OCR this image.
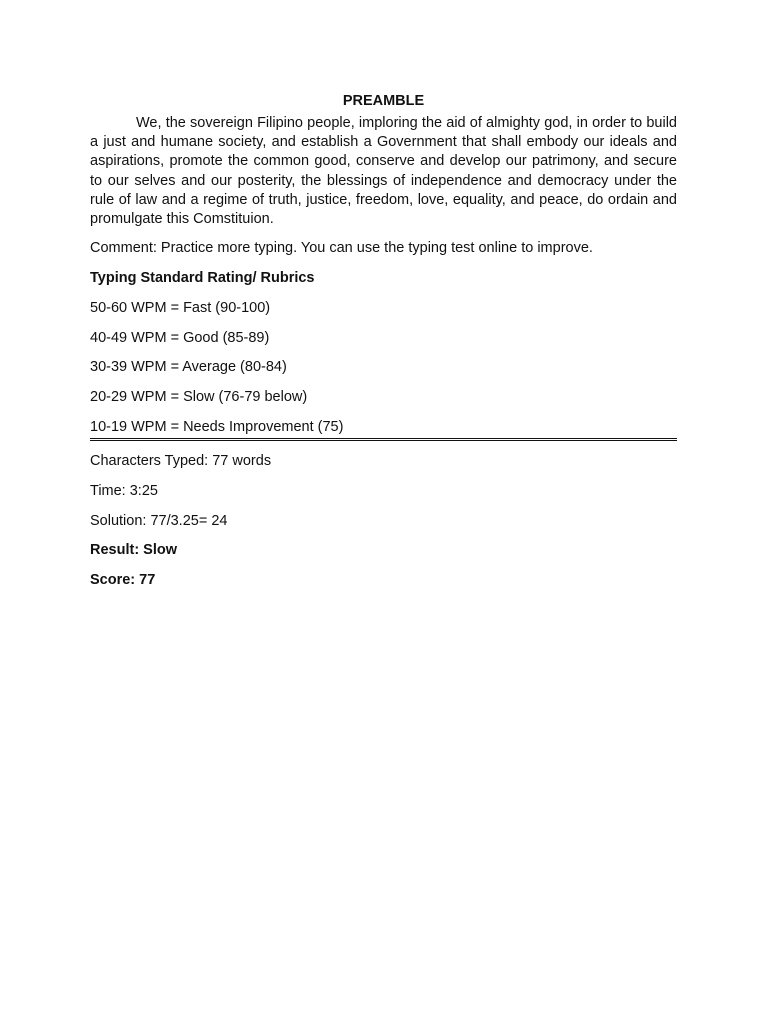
PREAMBLE

We, the sovereign Filipino people, imploring the aid of almighty god, in order to build a just and humane society, and establish a Government that shall embody our ideals and aspirations, promote the common good, conserve and develop our patrimony, and secure to our selves and our posterity, the blessings of independence and democracy under the rule of law and a regime of truth, justice, freedom, love, equality, and peace, do ordain and promulgate this Comstituion.

Comment: Practice more typing. You can use the typing test online to improve.
Typing Standard Rating/ Rubrics
50-60 WPM = Fast (90-100)
40-49 WPM = Good (85-89)
30-39 WPM = Average (80-84)
20-29 WPM = Slow (76-79 below)
10-19 WPM = Needs Improvement (75)
Characters Typed: 77 words
Time: 3:25
Solution: 77/3.25= 24
Result: Slow
Score: 77
